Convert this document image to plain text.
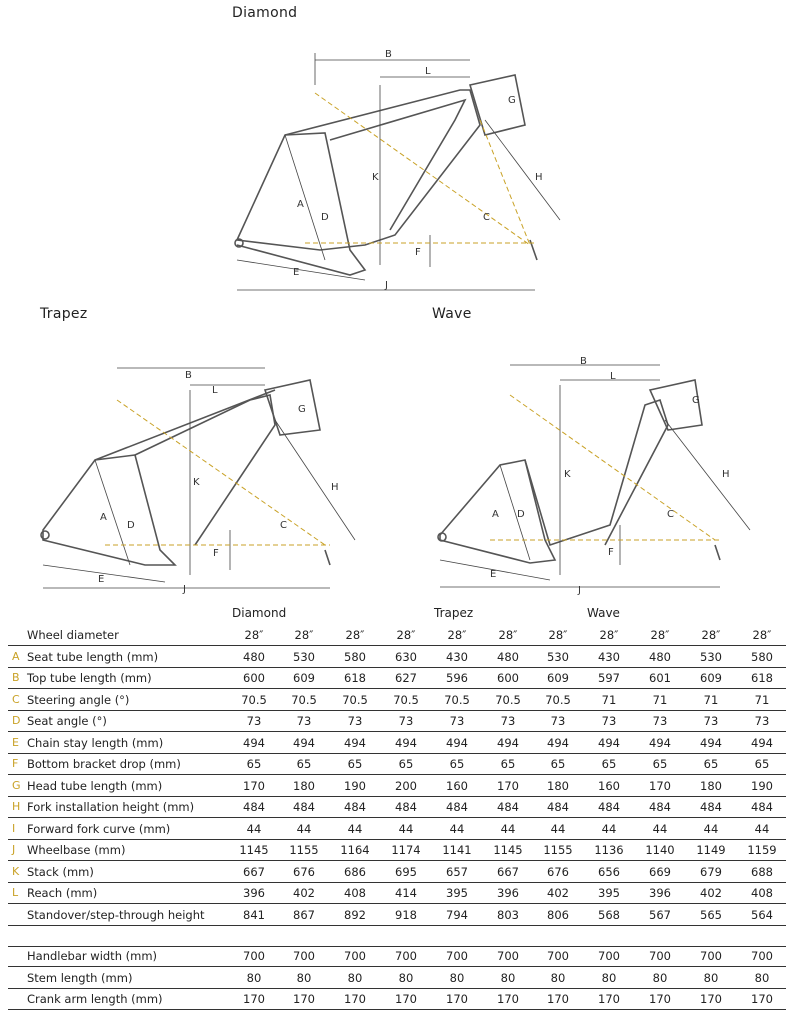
Diamond
Trapez	Wave
B
L
G
H
K
A
D	C
F
E
J
B
L
G
H
K
A
D	C
F
E
J
B
L
G
H
K
A D	C
F
E
J
Diamond	Trapez	Wave
Wheel diameter	28″	28″	28″	28″	28″	28″	28″	28″	28″	28″	28″
A Seat tube length (mm)	480	530	580	630	430	480	530	430	480	530	580
B Top tube length (mm)	600	609	618	627	596	600	609	597	601	609	618
C Steering angle (°)	70.5	70.5	70.5	70.5	70.5	70.5	70.5	71	71	71	71
D Seat angle (°)	73	73	73	73	73	73	73	73	73	73	73
E Chain stay length (mm)	494	494	494	494	494	494	494	494	494	494	494
F Bottom bracket drop (mm)	65	65	65	65	65	65	65	65	65	65	65
G Head tube length (mm)	170	180	190	200	160	170	180	160	170	180	190
H Fork installation height (mm)	484	484	484	484	484	484	484	484	484	484	484
I	Forward fork curve (mm)	44	44	44	44	44	44	44	44	44	44	44
J	Wheelbase (mm)	1145	1155	1164	1174	1141	1145	1155	1136	1140	1149	1159
K Stack (mm)	667	676	686	695	657	667	676	656	669	679	688
L Reach (mm)	396	402	408	414	395	396	402	395	396	402	408
Standover/step-through height	841	867	892	918	794	803	806	568	567	565	564
Handlebar width (mm)	700	700	700	700	700	700	700	700	700	700	700
Stem length (mm)	80	80	80	80	80	80	80	80	80	80	80
Crank arm length (mm)	170	170	170	170	170	170	170	170	170	170	170
